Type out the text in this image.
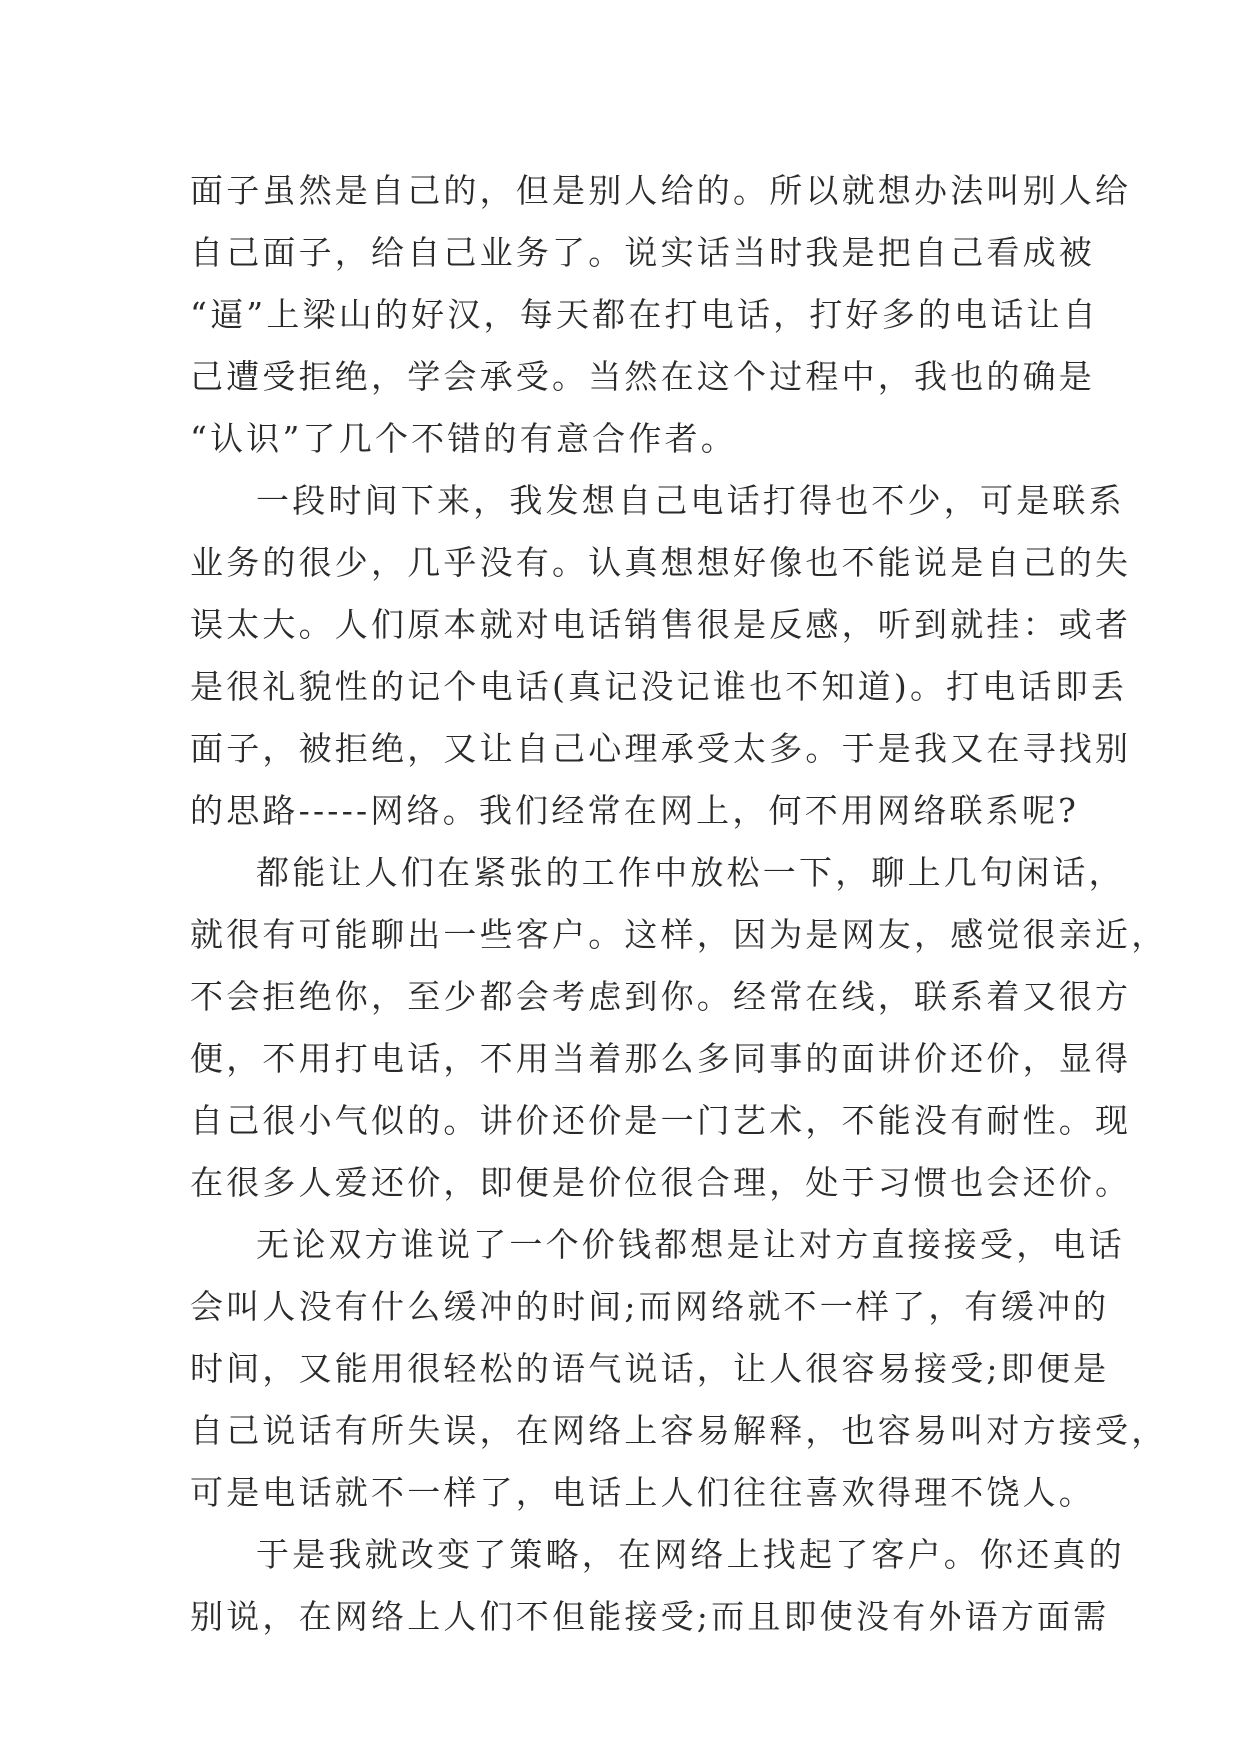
面子虽然是自己的，但是别人给的。所以就想办法叫别人给
自己面子，给自己业务了。说实话当时我是把自己看成被
“逼”上梁山的好汉，每天都在打电话，打好多的电话让自
己遭受拒绝，学会承受。当然在这个过程中，我也的确是
“认识”了几个不错的有意合作者。
一段时间下来，我发想自己电话打得也不少，可是联系
业务的很少，几乎没有。认真想想好像也不能说是自己的失
误太大。人们原本就对电话销售很是反感，听到就挂：或者
是很礼貌性的记个电话(真记没记谁也不知道)。打电话即丢
面子，被拒绝，又让自己心理承受太多。于是我又在寻找别
的思路-----网络。我们经常在网上，何不用网络联系呢?
都能让人们在紧张的工作中放松一下，聊上几句闲话，
就很有可能聊出一些客户。这样，因为是网友，感觉很亲近，
不会拒绝你，至少都会考虑到你。经常在线，联系着又很方
便，不用打电话，不用当着那么多同事的面讲价还价，显得
自己很小气似的。讲价还价是一门艺术，不能没有耐性。现
在很多人爱还价，即便是价位很合理，处于习惯也会还价。
无论双方谁说了一个价钱都想是让对方直接接受，电话
会叫人没有什么缓冲的时间;而网络就不一样了，有缓冲的
时间，又能用很轻松的语气说话，让人很容易接受;即便是
自己说话有所失误，在网络上容易解释，也容易叫对方接受，
可是电话就不一样了，电话上人们往往喜欢得理不饶人。
于是我就改变了策略，在网络上找起了客户。你还真的
别说，在网络上人们不但能接受;而且即使没有外语方面需
